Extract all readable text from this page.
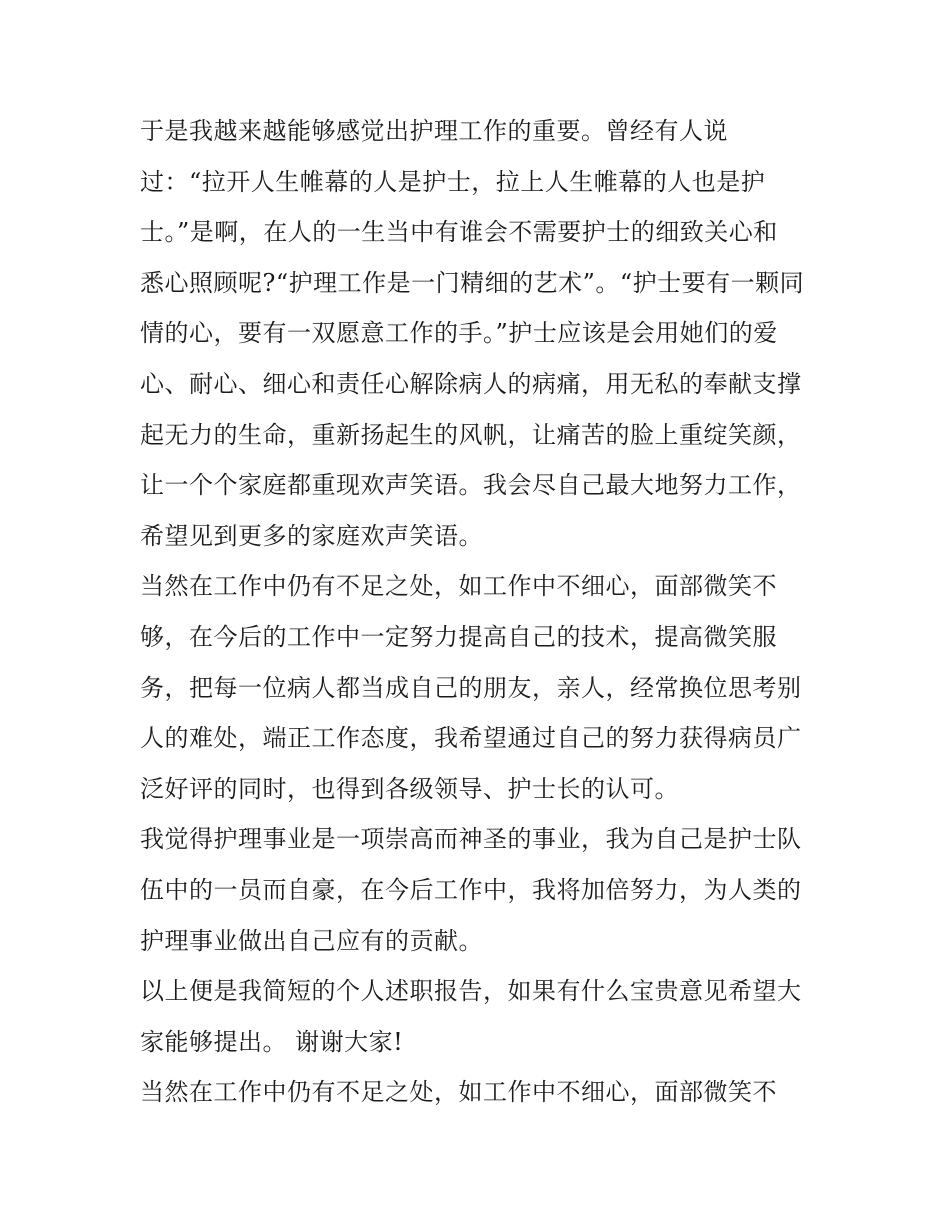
于是我越来越能够感觉出护理工作的重要。曾经有人说
过：“拉开人生帷幕的人是护士，拉上人生帷幕的人也是护
士。”是啊，在人的一生当中有谁会不需要护士的细致关心和
悉心照顾呢?“护理工作是一门精细的艺术”。“护士要有一颗同
情的心，要有一双愿意工作的手。”护士应该是会用她们的爱
心、耐心、细心和责任心解除病人的病痛，用无私的奉献支撑
起无力的生命，重新扬起生的风帆，让痛苦的脸上重绽笑颜，
让一个个家庭都重现欢声笑语。我会尽自己最大地努力工作，
希望见到更多的家庭欢声笑语。
当然在工作中仍有不足之处，如工作中不细心，面部微笑不
够，在今后的工作中一定努力提高自己的技术，提高微笑服
务，把每一位病人都当成自己的朋友，亲人，经常换位思考别
人的难处，端正工作态度，我希望通过自己的努力获得病员广
泛好评的同时，也得到各级领导、护士长的认可。
我觉得护理事业是一项崇高而神圣的事业，我为自己是护士队
伍中的一员而自豪，在今后工作中，我将加倍努力，为人类的
护理事业做出自己应有的贡献。
以上便是我简短的个人述职报告，如果有什么宝贵意见希望大
家能够提出。 谢谢大家!
当然在工作中仍有不足之处，如工作中不细心，面部微笑不
